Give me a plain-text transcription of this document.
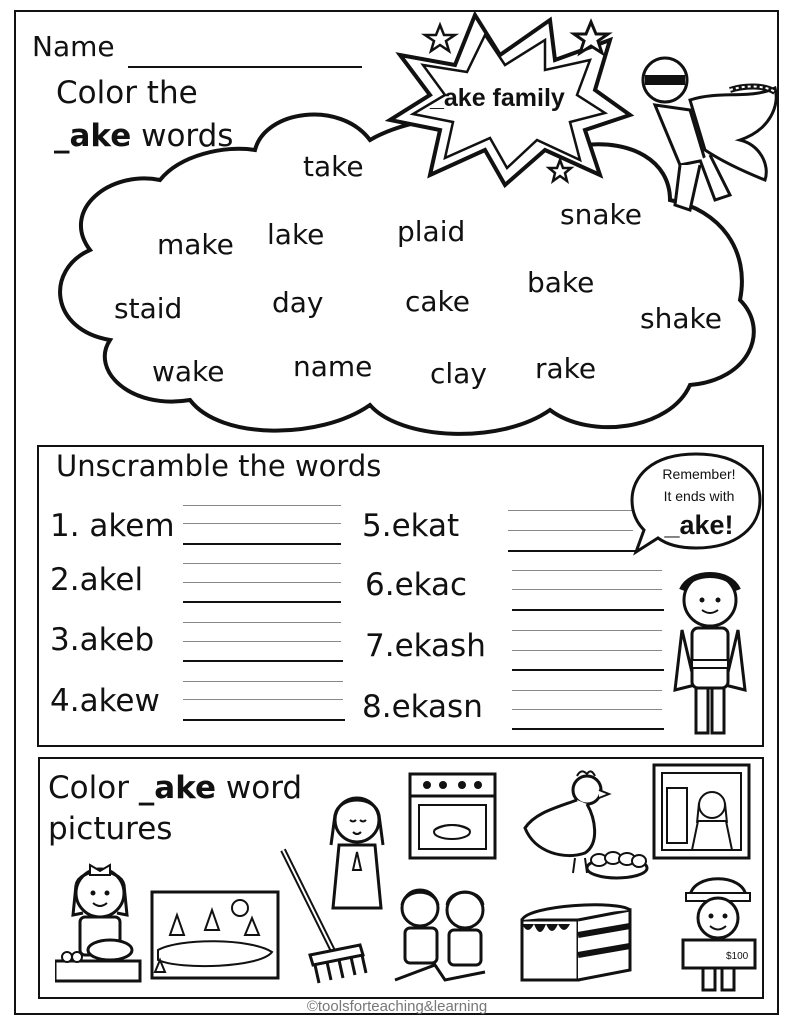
Name
Color the
_ake words
take
snake
make lake	plaid
bake
staid	day	cake
shake
wake name clay rake
_ake family
Unscramble the words
1. akem
2.akel
3.akeb
4.akew
5.ekat
6.ekac
7.ekash
8.ekasn
Remember!
It ends with
_ake!
Color _ake word
pictures
$100
©toolsforteaching&learning
